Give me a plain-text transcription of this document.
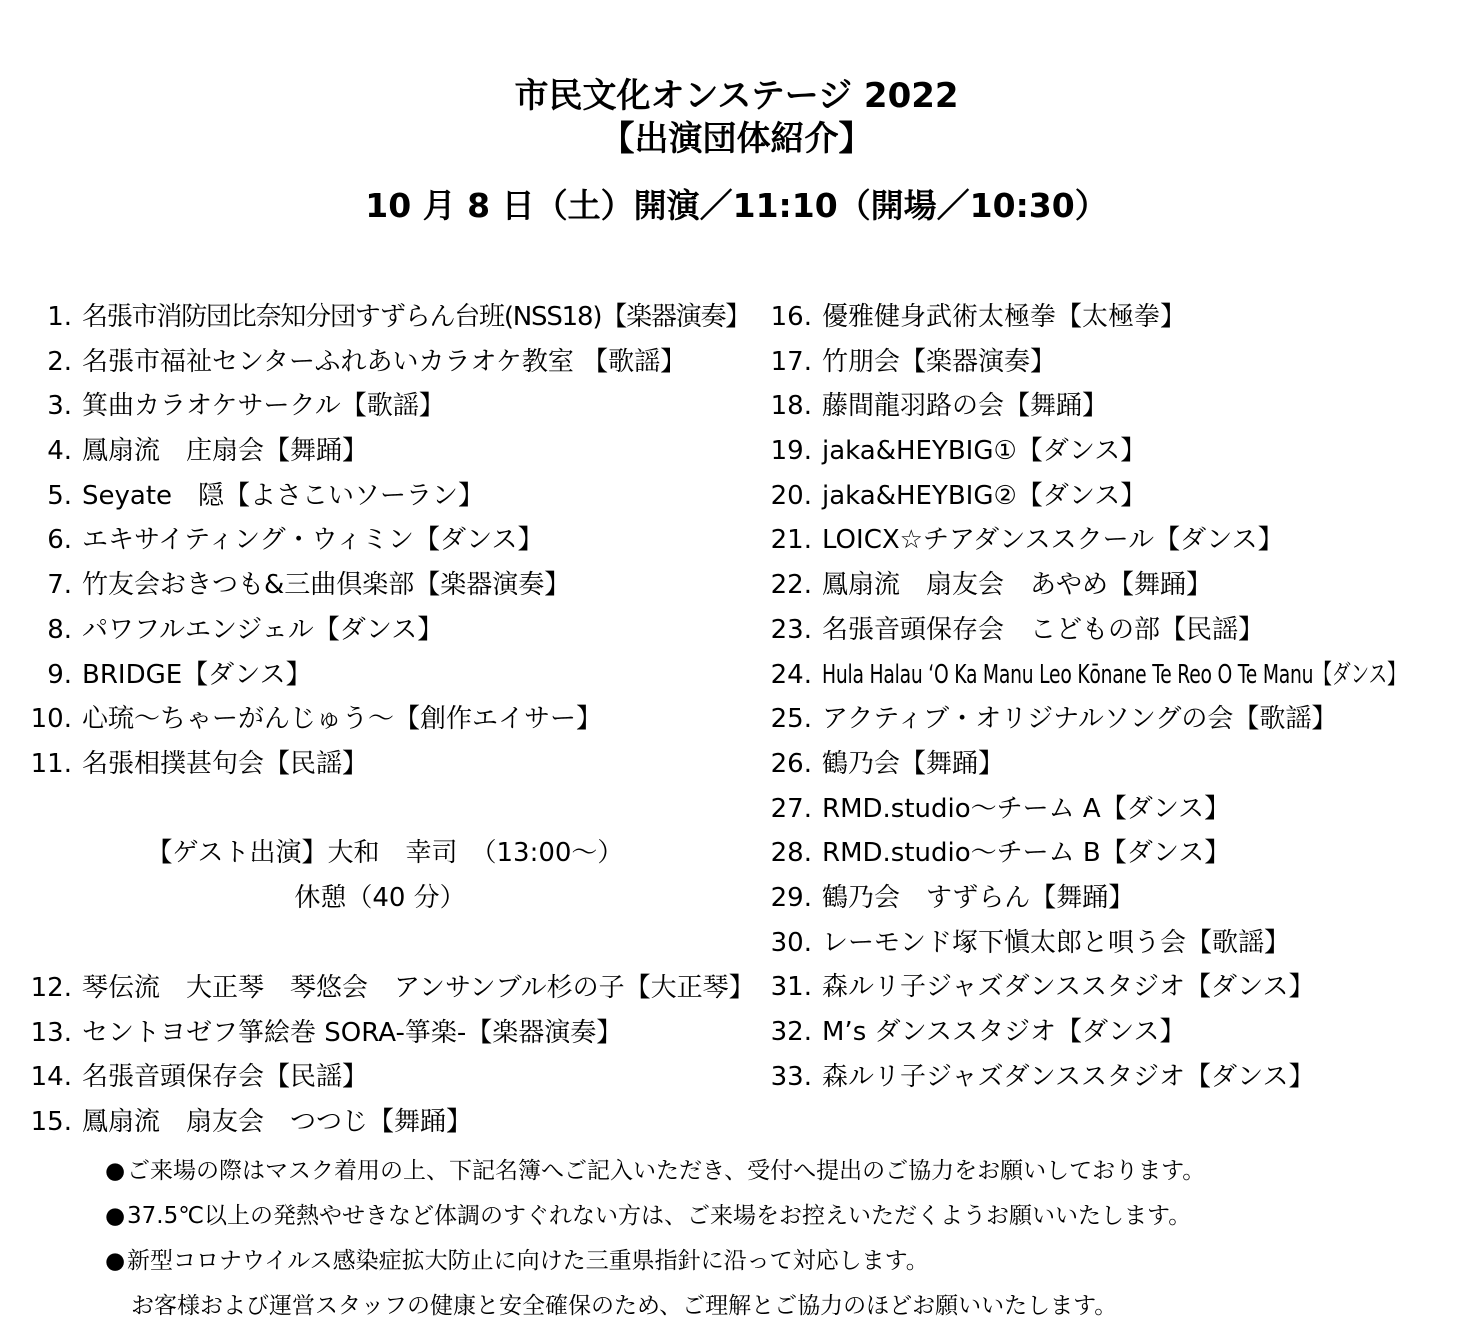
市民文化オンステージ 2022
【出演団体紹介】
10 月 8 日（土）開演／11:10（開場／10:30）
1. 名張市消防団比奈知分団すずらん台班(NSS18)【楽器演奏】
2. 名張市福祉センターふれあいカラオケ教室 【歌謡】
3. 箕曲カラオケサークル【歌謡】
4. 鳳扇流　庄扇会【舞踊】
5. Seyate　隠【よさこいソーラン】
6. エキサイティング・ウィミン【ダンス】
7. 竹友会おきつも&三曲倶楽部【楽器演奏】
8. パワフルエンジェル【ダンス】
9. BRIDGE【ダンス】
10. 心琉～ちゃーがんじゅう～【創作エイサー】
11. 名張相撲甚句会【民謡】
【ゲスト出演】大和　幸司　（13:00～）
休憩（40 分）
12. 琴伝流　大正琴　琴悠会　アンサンブル杉の子【大正琴】
13. セントヨゼフ箏絵巻 SORA-箏楽-【楽器演奏】
14. 名張音頭保存会【民謡】
15. 鳳扇流　扇友会　つつじ【舞踊】
16. 優雅健身武術太極拳【太極拳】
17. 竹朋会【楽器演奏】
18. 藤間龍羽路の会【舞踊】
19. jaka&HEYBIG①【ダンス】
20. jaka&HEYBIG②【ダンス】
21. LOICX☆チアダンススクール【ダンス】
22. 鳳扇流　扇友会　あやめ【舞踊】
23. 名張音頭保存会　こどもの部【民謡】
24. Hula Halau ʻO Ka Manu Leo Kōnane Te Reo O Te Manu【ダンス】
25. アクティブ・オリジナルソングの会【歌謡】
26. 鶴乃会【舞踊】
27. RMD.studio～チーム A【ダンス】
28. RMD.studio～チーム B【ダンス】
29. 鶴乃会　すずらん【舞踊】
30. レーモンド塚下愼太郎と唄う会【歌謡】
31. 森ルリ子ジャズダンススタジオ【ダンス】
32. M’s ダンススタジオ【ダンス】
33. 森ルリ子ジャズダンススタジオ【ダンス】
●ご来場の際はマスク着用の上、下記名簿へご記入いただき、受付へ提出のご協力をお願いしております。
●37.5℃以上の発熱やせきなど体調のすぐれない方は、ご来場をお控えいただくようお願いいたします。
●新型コロナウイルス感染症拡大防止に向けた三重県指針に沿って対応します。
お客様および運営スタッフの健康と安全確保のため、ご理解とご協力のほどお願いいたします。
